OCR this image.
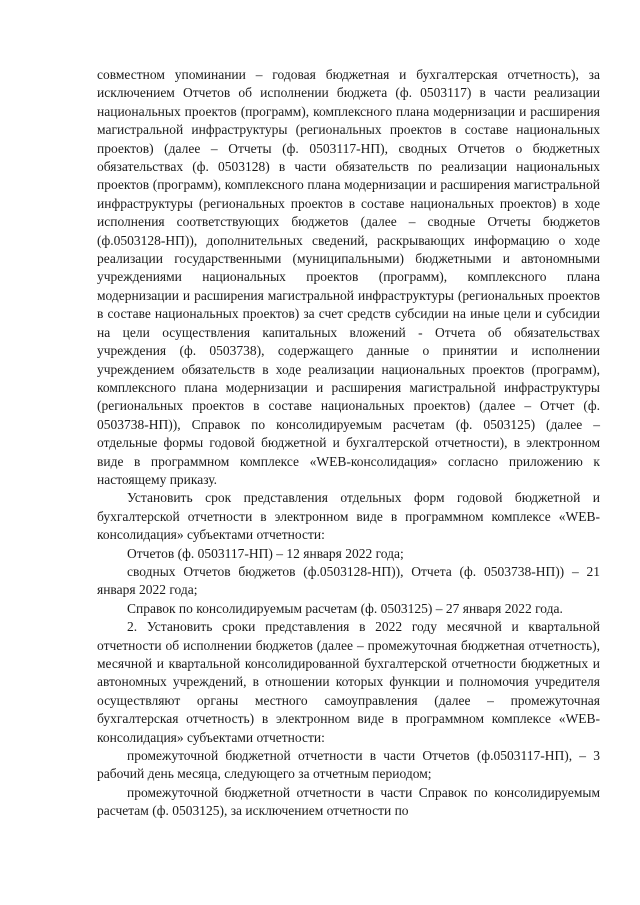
совместном упоминании – годовая бюджетная и бухгалтерская отчетность), за исключением Отчетов об исполнении бюджета (ф. 0503117) в части реализации национальных проектов (программ), комплексного плана модернизации и расширения магистральной инфраструктуры (региональных проектов в составе национальных проектов) (далее – Отчеты (ф. 0503117-НП), сводных Отчетов о бюджетных обязательствах (ф. 0503128) в части обязательств по реализации национальных проектов (программ), комплексного плана модернизации и расширения магистральной инфраструктуры (региональных проектов в составе национальных проектов) в ходе исполнения соответствующих бюджетов (далее – сводные Отчеты бюджетов (ф.0503128-НП)), дополнительных сведений, раскрывающих информацию о ходе реализации государственными (муниципальными) бюджетными и автономными учреждениями национальных проектов (программ), комплексного плана модернизации и расширения магистральной инфраструктуры (региональных проектов в составе национальных проектов) за счет средств субсидии на иные цели и субсидии на цели осуществления капитальных вложений - Отчета об обязательствах учреждения (ф. 0503738), содержащего данные о принятии и исполнении учреждением обязательств в ходе реализации национальных проектов (программ), комплексного плана модернизации и расширения магистральной инфраструктуры (региональных проектов в составе национальных проектов) (далее – Отчет (ф. 0503738-НП)), Справок по консолидируемым расчетам (ф. 0503125) (далее – отдельные формы годовой бюджетной и бухгалтерской отчетности), в электронном виде в программном комплексе «WEB-консолидация» согласно приложению к настоящему приказу.

Установить срок представления отдельных форм годовой бюджетной и бухгалтерской отчетности в электронном виде в программном комплексе «WEB-консолидация» субъектами отчетности:

Отчетов (ф. 0503117-НП) – 12 января 2022 года;

сводных Отчетов бюджетов (ф.0503128-НП)), Отчета (ф. 0503738-НП)) – 21 января 2022 года;

Справок по консолидируемым расчетам (ф. 0503125) – 27 января 2022 года.

2. Установить сроки представления в 2022 году месячной и квартальной отчетности об исполнении бюджетов (далее – промежуточная бюджетная отчетность), месячной и квартальной консолидированной бухгалтерской отчетности бюджетных и автономных учреждений, в отношении которых функции и полномочия учредителя осуществляют органы местного самоуправления (далее – промежуточная бухгалтерская отчетность) в электронном виде в программном комплексе «WEB-консолидация» субъектами отчетности:

промежуточной бюджетной отчетности в части Отчетов (ф.0503117-НП), – 3 рабочий день месяца, следующего за отчетным периодом;

промежуточной бюджетной отчетности в части Справок по консолидируемым расчетам (ф. 0503125), за исключением отчетности по
